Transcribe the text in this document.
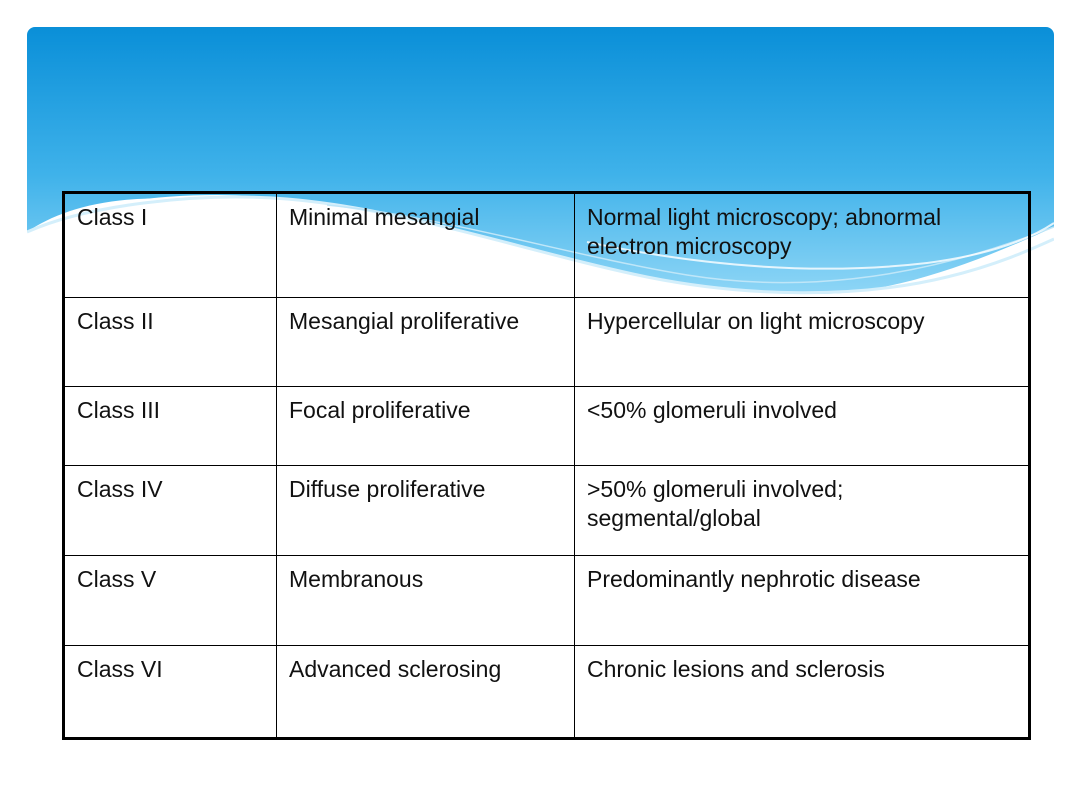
Class I	Minimal mesangial	Normal light microscopy; abnormal electron microscopy
Class II	Mesangial proliferative	Hypercellular on light microscopy
Class III	Focal proliferative	<50% glomeruli involved
Class IV	Diffuse proliferative	>50% glomeruli involved; segmental/global
Class V	Membranous	Predominantly nephrotic disease
Class VI	Advanced sclerosing	Chronic lesions and sclerosis
